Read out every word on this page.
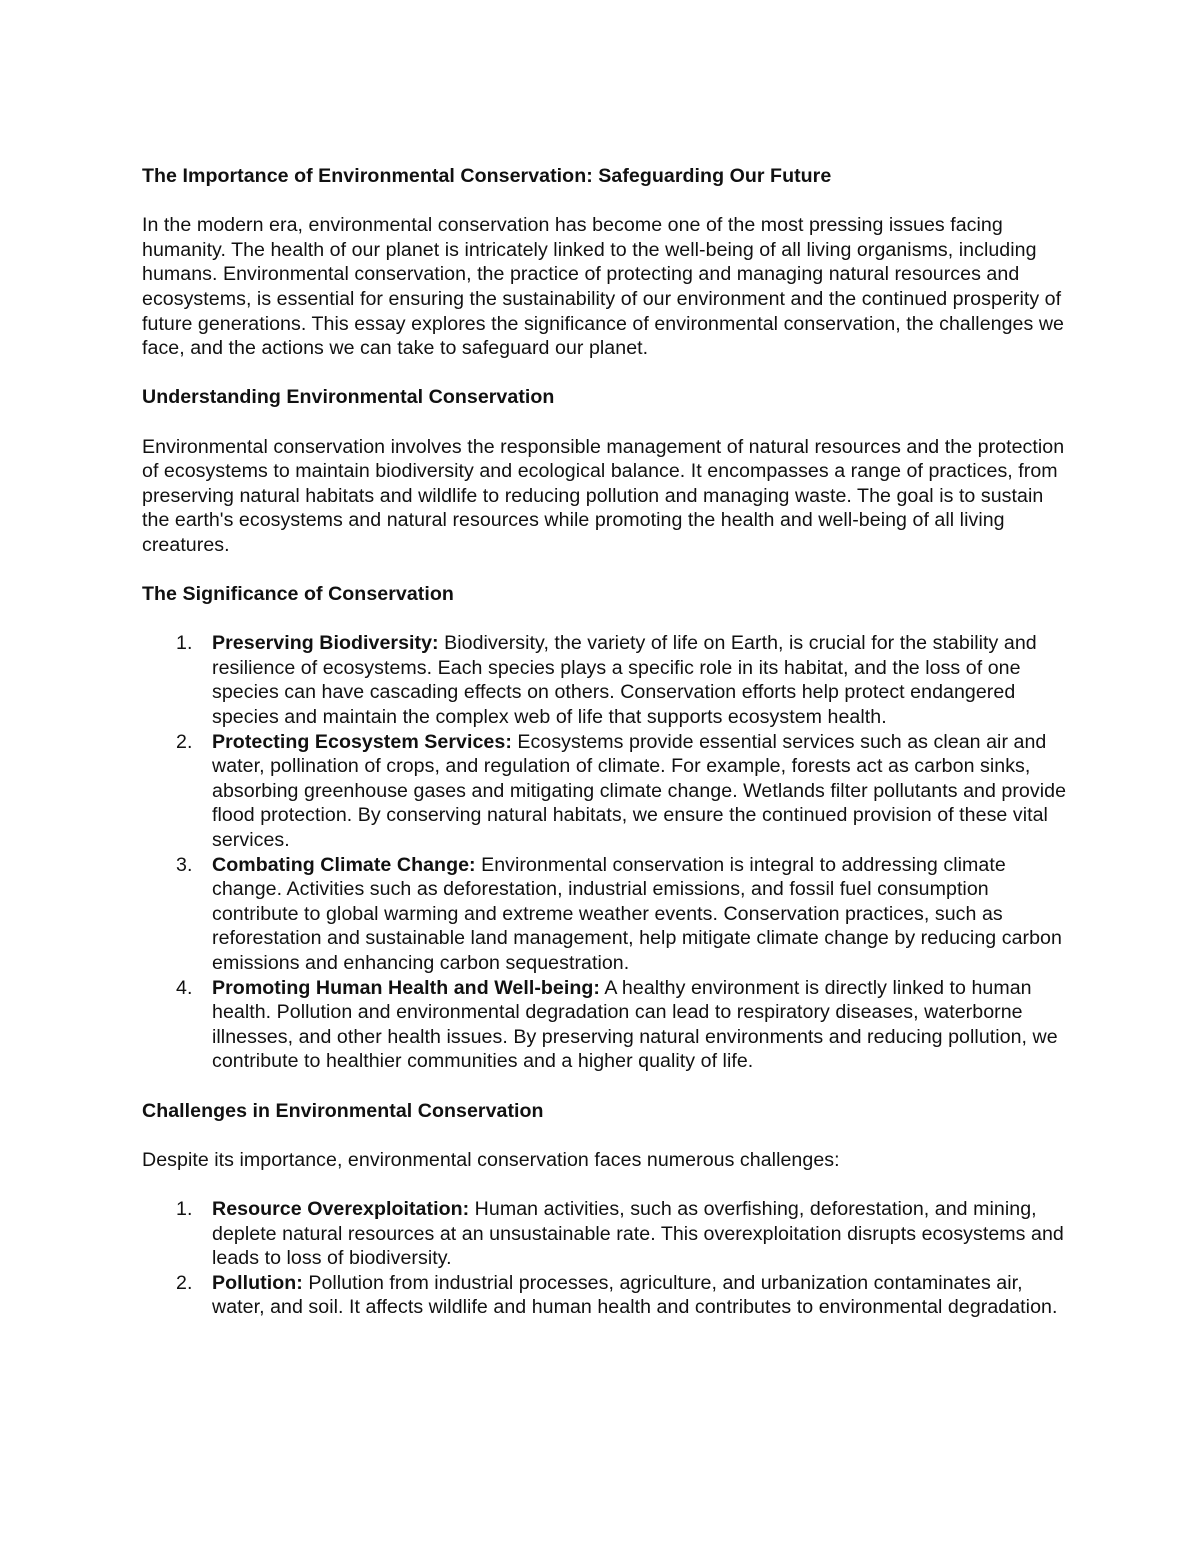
The Importance of Environmental Conservation: Safeguarding Our Future

In the modern era, environmental conservation has become one of the most pressing issues facing humanity. The health of our planet is intricately linked to the well-being of all living organisms, including humans. Environmental conservation, the practice of protecting and managing natural resources and ecosystems, is essential for ensuring the sustainability of our environment and the continued prosperity of future generations. This essay explores the significance of environmental conservation, the challenges we face, and the actions we can take to safeguard our planet.

Understanding Environmental Conservation

Environmental conservation involves the responsible management of natural resources and the protection of ecosystems to maintain biodiversity and ecological balance. It encompasses a range of practices, from preserving natural habitats and wildlife to reducing pollution and managing waste. The goal is to sustain the earth's ecosystems and natural resources while promoting the health and well-being of all living creatures.

The Significance of Conservation

1. Preserving Biodiversity: Biodiversity, the variety of life on Earth, is crucial for the stability and resilience of ecosystems. Each species plays a specific role in its habitat, and the loss of one species can have cascading effects on others. Conservation efforts help protect endangered species and maintain the complex web of life that supports ecosystem health.
2. Protecting Ecosystem Services: Ecosystems provide essential services such as clean air and water, pollination of crops, and regulation of climate. For example, forests act as carbon sinks, absorbing greenhouse gases and mitigating climate change. Wetlands filter pollutants and provide flood protection. By conserving natural habitats, we ensure the continued provision of these vital services.
3. Combating Climate Change: Environmental conservation is integral to addressing climate change. Activities such as deforestation, industrial emissions, and fossil fuel consumption contribute to global warming and extreme weather events. Conservation practices, such as reforestation and sustainable land management, help mitigate climate change by reducing carbon emissions and enhancing carbon sequestration.
4. Promoting Human Health and Well-being: A healthy environment is directly linked to human health. Pollution and environmental degradation can lead to respiratory diseases, waterborne illnesses, and other health issues. By preserving natural environments and reducing pollution, we contribute to healthier communities and a higher quality of life.

Challenges in Environmental Conservation

Despite its importance, environmental conservation faces numerous challenges:

1. Resource Overexploitation: Human activities, such as overfishing, deforestation, and mining, deplete natural resources at an unsustainable rate. This overexploitation disrupts ecosystems and leads to loss of biodiversity.
2. Pollution: Pollution from industrial processes, agriculture, and urbanization contaminates air, water, and soil. It affects wildlife and human health and contributes to environmental degradation.
